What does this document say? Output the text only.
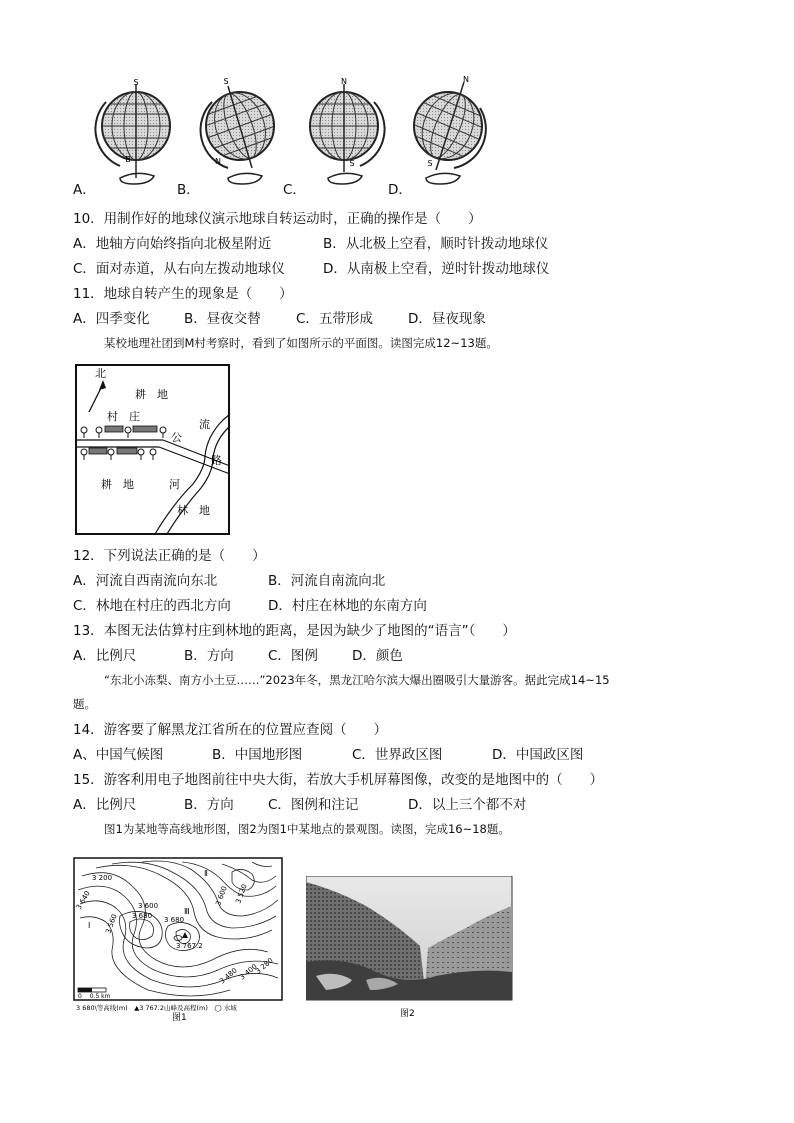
S
B
S
N
N
S
N
S
A．	B．	C．	D．
10．用制作好的地球仪演示地球自转运动时，正确的操作是（　　）
A．地轴方向始终指向北极星附近	B．从北极上空看，顺时针拨动地球仪
C．面对赤道，从右向左拨动地球仪	D．从南极上空看，逆时针拨动地球仪
11．地球自转产生的现象是（　　）
A．四季变化	B．昼夜交替	C．五带形成	D．昼夜现象
某校地理社团到M村考察时，看到了如图所示的平面图。读图完成12~13题。
北
耕　地
村　庄
公
路
流
河
耕　地
林　地
12．下列说法正确的是（　　）
A．河流自西南流向东北	B．河流自南流向北
C．林地在村庄的西北方向	D．村庄在林地的东南方向
13．本图无法估算村庄到林地的距离，是因为缺少了地图的“语言”（　　）
A．比例尺	B．方向	C．图例	D．颜色
“东北小冻梨、南方小土豆……”2023年冬，黑龙江哈尔滨大爆出圈吸引大量游客。据此完成14~15
题。
14．游客要了解黑龙江省所在的位置应查阅（　　）
A、中国气候图	B．中国地形图	C．世界政区图	D．中国政区图
15．游客利用电子地图前往中央大街，若放大手机屏幕图像，改变的是地图中的（　　）
A．比例尺	B．方向	C．图例和注记	D．以上三个都不对
图1为某地等高线地形图，图2为图1中某地点的景观图。读图，完成16~18题。
0　 0.5 km
3 200
3 600
3 680
3 640
3 767.2
3 560
3 480 3 400
3 280
3 680
3 600 3 520
Ⅱ
Ⅰ
Ⅲ
3 680\等高线(m)　▲3 767.2山峰及高程(m)　◯ 水域
图1	图2
